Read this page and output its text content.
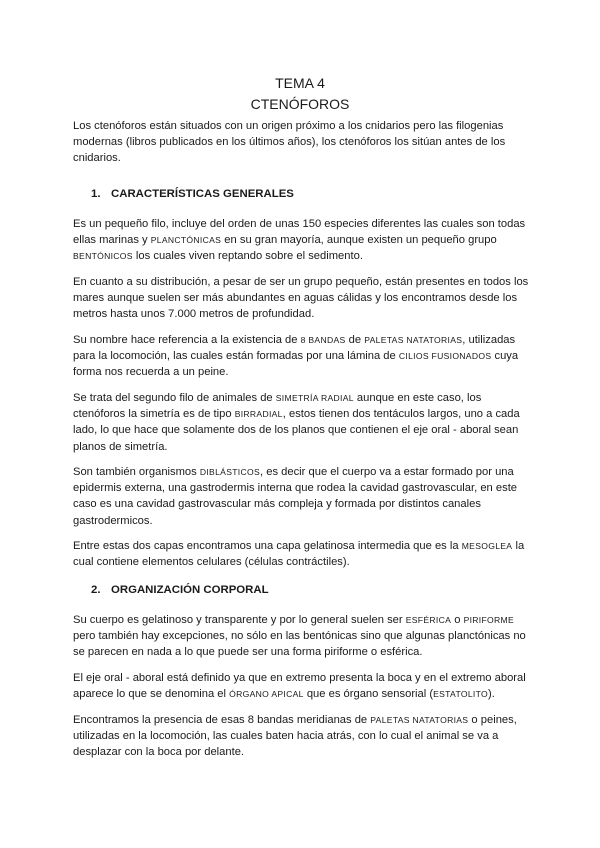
TEMA 4
CTENÓFOROS

Los ctenóforos están situados con un origen próximo a los cnidarios pero las filogenias modernas (libros publicados en los últimos años), los ctenóforos los sitúan antes de los cnidarios.

1. CARACTERÍSTICAS GENERALES

Es un pequeño filo, incluye del orden de unas 150 especies diferentes las cuales son todas ellas marinas y PLANCTÓNICAS en su gran mayoría, aunque existen un pequeño grupo BENTÓNICOS los cuales viven reptando sobre el sedimento.

En cuanto a su distribución, a pesar de ser un grupo pequeño, están presentes en todos los mares aunque suelen ser más abundantes en aguas cálidas y los encontramos desde los metros hasta unos 7.000 metros de profundidad.

Su nombre hace referencia a la existencia de 8 BANDAS de PALETAS NATATORIAS, utilizadas para la locomoción, las cuales están formadas por una lámina de CILIOS FUSIONADOS cuya forma nos recuerda a un peine.

Se trata del segundo filo de animales de SIMETRÍA RADIAL aunque en este caso, los ctenóforos la simetría es de tipo BIRRADIAL, estos tienen dos tentáculos largos, uno a cada lado, lo que hace que solamente dos de los planos que contienen el eje oral - aboral sean planos de simetría.

Son también organismos DIBLÁSTICOS, es decir que el cuerpo va a estar formado por una epidermis externa, una gastrodermis interna que rodea la cavidad gastrovascular, en este caso es una cavidad gastrovascular más compleja y formada por distintos canales gastrodermicos.

Entre estas dos capas encontramos una capa gelatinosa intermedia que es la MESOGLEA la cual contiene elementos celulares (células contráctiles).

2. ORGANIZACIÓN CORPORAL

Su cuerpo es gelatinoso y transparente y por lo general suelen ser ESFÉRICA o PIRIFORME pero también hay excepciones, no sólo en las bentónicas sino que algunas planctónicas no se parecen en nada a lo que puede ser una forma piriforme o esférica.

El eje oral - aboral está definido ya que en extremo presenta la boca y en el extremo aboral aparece lo que se denomina el ÓRGANO APICAL que es órgano sensorial (ESTATOLITO).

Encontramos la presencia de esas 8 bandas meridianas de PALETAS NATATORIAS o peines, utilizadas en la locomoción, las cuales baten hacia atrás, con lo cual el animal se va a desplazar con la boca por delante.
